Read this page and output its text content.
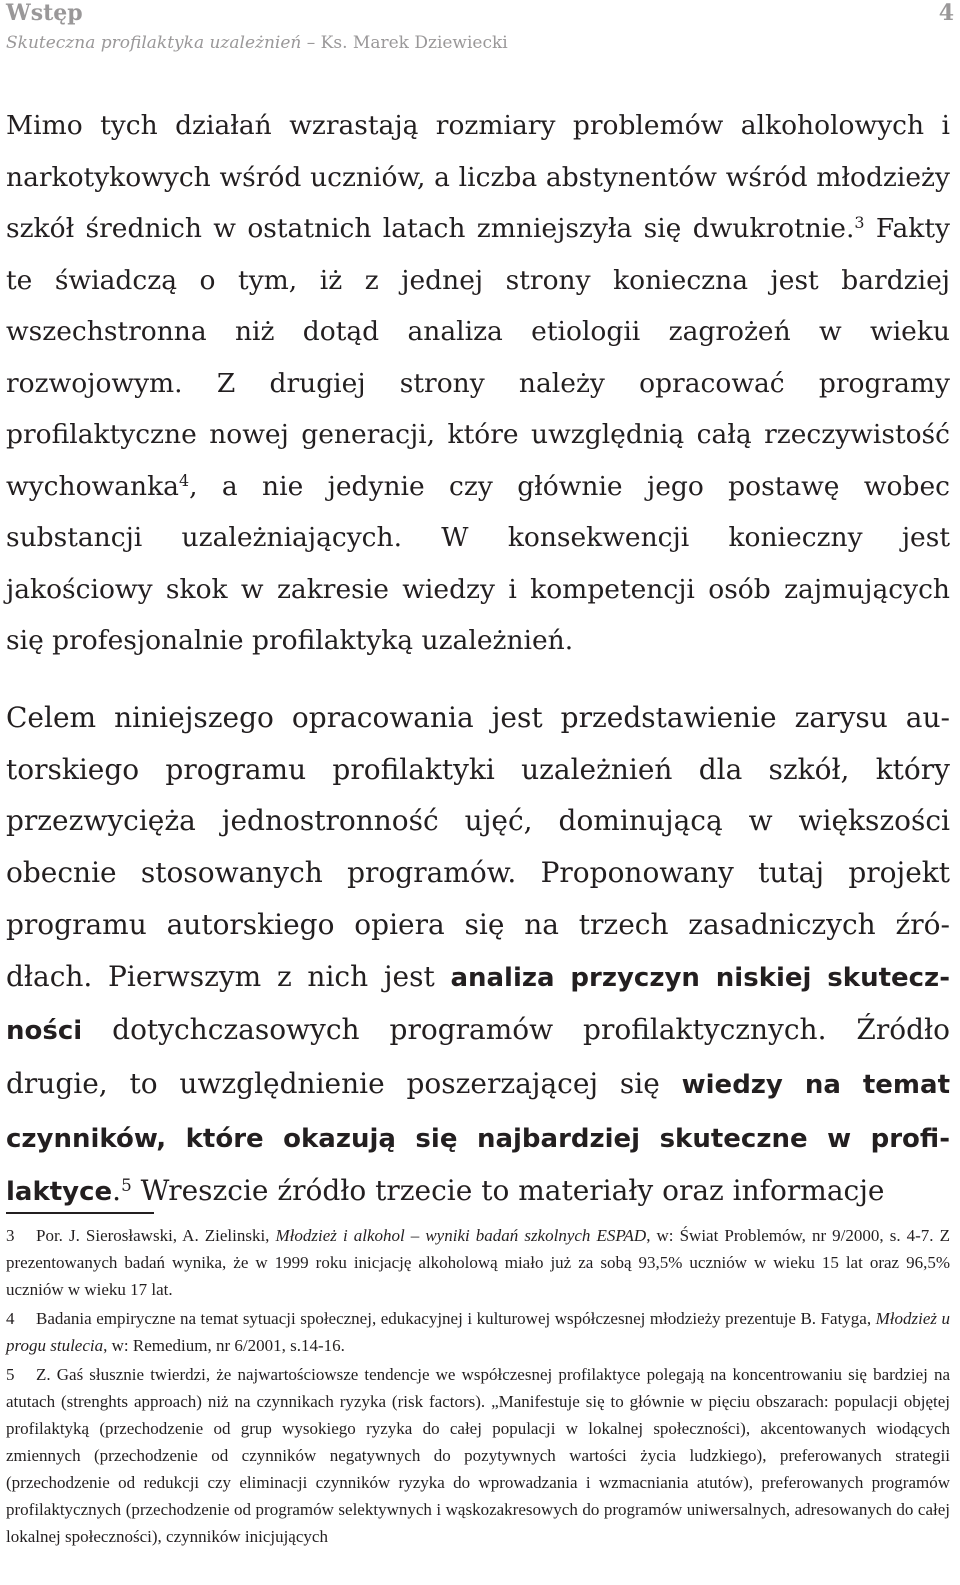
Wstęp
Skuteczna profilaktyka uzależnień – Ks. Marek Dziewiecki
4

Mimo tych działań wzrastają rozmiary problemów alkoholowych i narkotykowych wśród uczniów, a liczba abstynentów wśród młodzieży szkół średnich w ostatnich latach zmniejszyła się dwukrotnie.$^3$ Fakty te świadczą o tym, iż z jednej strony konieczna jest bardziej wszechstronna niż dotąd analiza etiologii zagrożeń w wieku rozwojowym. Z drugiej strony należy opracować programy profilaktyczne nowej generacji, które uwzględnią całą rzeczywistość wychowanka$^4$, a nie jedynie czy głównie jego postawę wobec substancji uzależniających. W konsekwencji konieczny jest jakościowy skok w zakresie wiedzy i kompetencji osób zajmujących się profesjonalnie profilaktyką uzależnień.

Celem niniejszego opracowania jest przedstawienie zarysu autorskiego programu profilaktyki uzależnień dla szkół, który przezwycięża jednostronność ujęć, dominującą w większości obecnie stosowanych programów. Proponowany tutaj projekt programu autorskiego opiera się na trzech zasadniczych źródłach. Pierwszym z nich jest analiza przyczyn niskiej skuteczności dotychczasowych programów profilaktycznych. Źródło drugie, to uwzględnienie poszerzającej się wiedzy na temat czynników, które okazują się najbardziej skuteczne w profilaktyce.$^5$ Wreszcie źródło trzecie to materiały oraz informacje

3 Por. J. Sierosławski, A. Zielinski, Młodzież i alkohol – wyniki badań szkolnych ESPAD, w: Świat Problemów, nr 9/2000, s. 4-7. Z prezentowanych badań wynika, że w 1999 roku inicjację alkoholową miało już za sobą 93,5% uczniów w wieku 15 lat oraz 96,5% uczniów w wieku 17 lat.

4 Badania empiryczne na temat sytuacji społecznej, edukacyjnej i kulturowej współczesnej młodzieży prezentuje B. Fatyga, Młodzież u progu stulecia, w: Remedium, nr 6/2001, s.14-16.

5 Z. Gaś słusznie twierdzi, że najwartościowsze tendencje we współczesnej profilaktyce polegają na koncentrowaniu się bardziej na atutach (strenghts approach) niż na czynnikach ryzyka (risk factors). „Manifestuje się to głównie w pięciu obszarach: populacji objętej profilaktyką (przechodzenie od grup wysokiego ryzyka do całej populacji w lokalnej społeczności), akcentowanych wiodących zmiennych (przechodzenie od czynników negatywnych do pozytywnych wartości życia ludzkiego), preferowanych strategii (przechodzenie od redukcji czy eliminacji czynników ryzyka do wprowadzania i wzmacniania atutów), preferowanych programów profilaktycznych (przechodzenie od programów selektywnych i wąskozakresowych do programów uniwersalnych, adresowanych do całej lokalnej społeczności), czynników inicjujących
